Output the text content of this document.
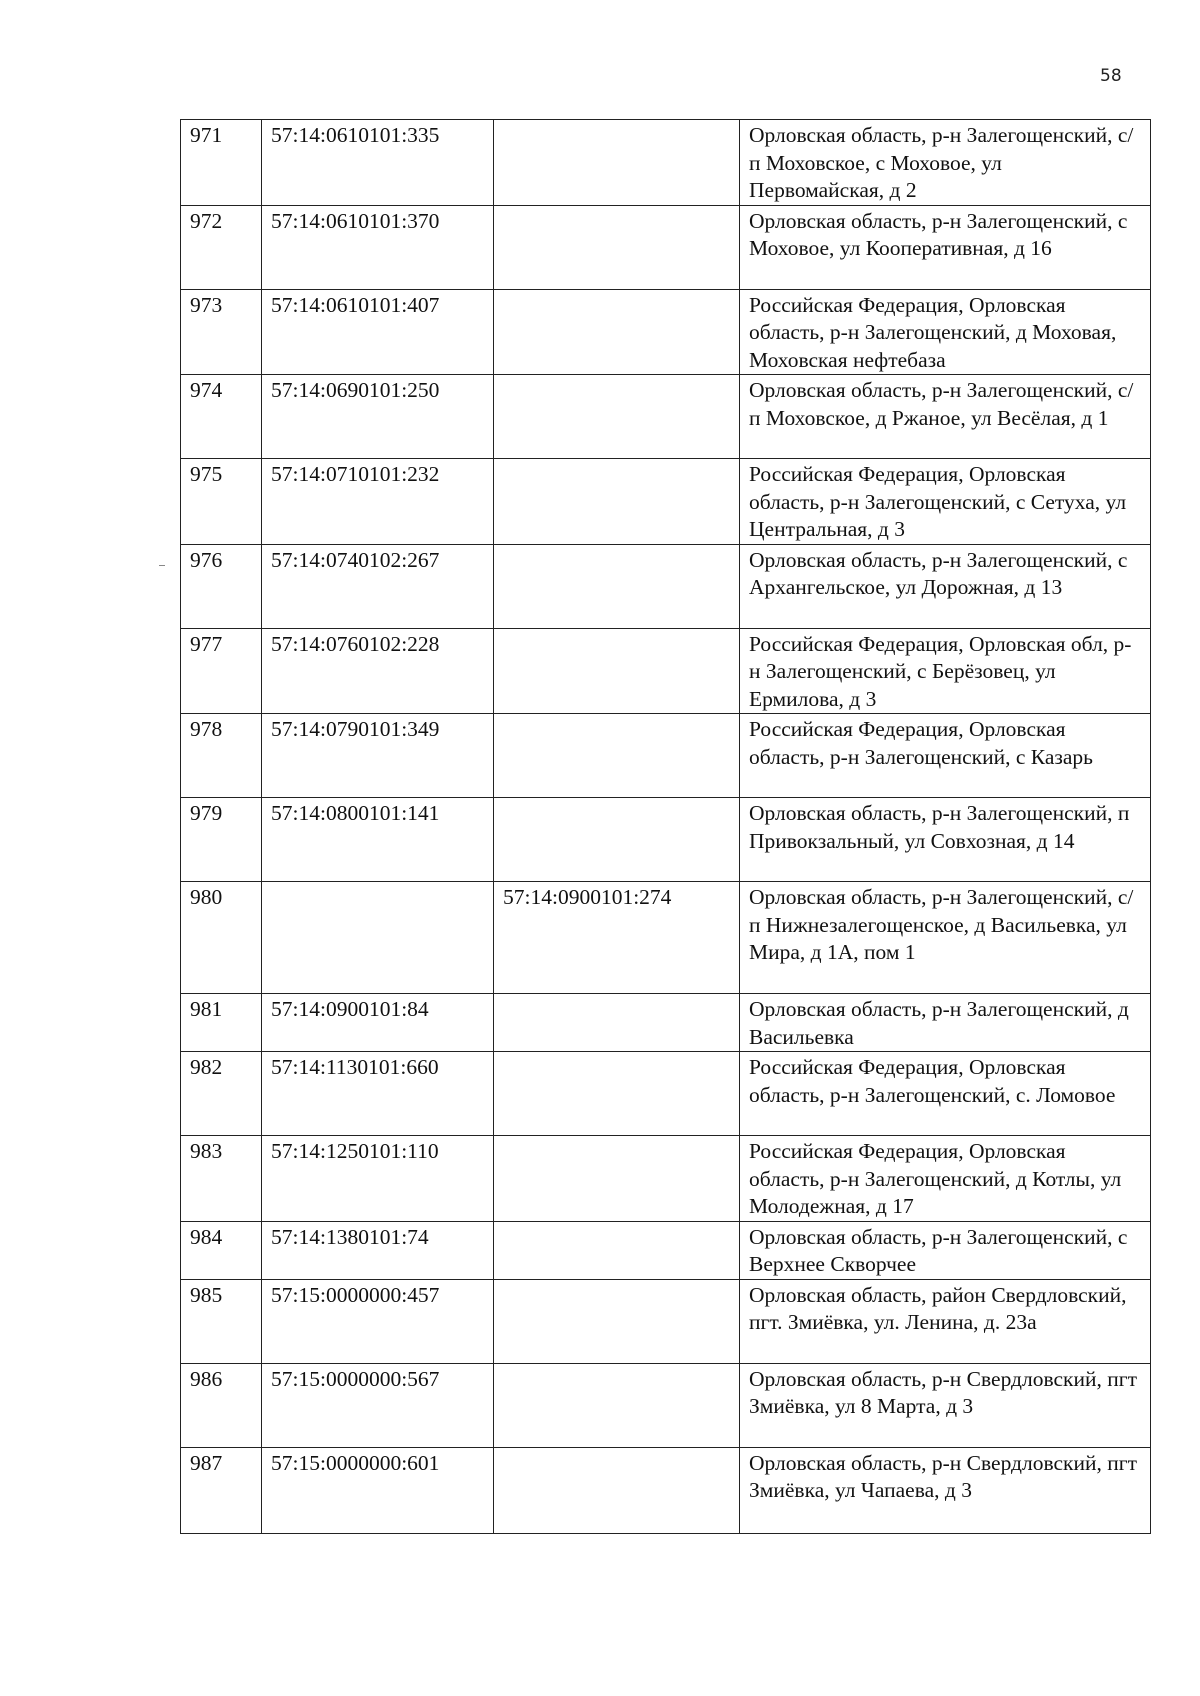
58
971	57:14:0610101:335		Орловская область, р-н Залегощенский, с/п Моховское, с Моховое, ул Первомайская, д 2
972	57:14:0610101:370		Орловская область, р-н Залегощенский, с Моховое, ул Кооперативная, д 16
973	57:14:0610101:407		Российская Федерация, Орловская область, р-н Залегощенский, д Моховая, Моховская нефтебаза
974	57:14:0690101:250		Орловская область, р-н Залегощенский, с/п Моховское, д Ржаное, ул Весёлая, д 1
975	57:14:0710101:232		Российская Федерация, Орловская область, р-н Залегощенский, с Сетуха, ул Центральная, д 3
976	57:14:0740102:267		Орловская область, р-н Залегощенский, с Архангельское, ул Дорожная, д 13
977	57:14:0760102:228		Российская Федерация, Орловская обл, р-н Залегощенский, с Берёзовец, ул Ермилова, д 3
978	57:14:0790101:349		Российская Федерация, Орловская область, р-н Залегощенский, с Казарь
979	57:14:0800101:141		Орловская область, р-н Залегощенский, п Привокзальный, ул Совхозная, д 14
980		57:14:0900101:274	Орловская область, р-н Залегощенский, с/п Нижнезалегощенское, д Васильевка, ул Мира, д 1А, пом 1
981	57:14:0900101:84		Орловская область, р-н Залегощенский, д Васильевка
982	57:14:1130101:660		Российская Федерация, Орловская область, р-н Залегощенский, с. Ломовое
983	57:14:1250101:110		Российская Федерация, Орловская область, р-н Залегощенский, д Котлы, ул Молодежная, д 17
984	57:14:1380101:74		Орловская область, р-н Залегощенский, с Верхнее Скворчее
985	57:15:0000000:457		Орловская область, район Свердловский, пгт. Змиёвка, ул. Ленина, д. 23а
986	57:15:0000000:567		Орловская область, р-н Свердловский, пгт Змиёвка, ул 8 Марта, д 3
987	57:15:0000000:601		Орловская область, р-н Свердловский, пгт Змиёвка, ул Чапаева, д 3
